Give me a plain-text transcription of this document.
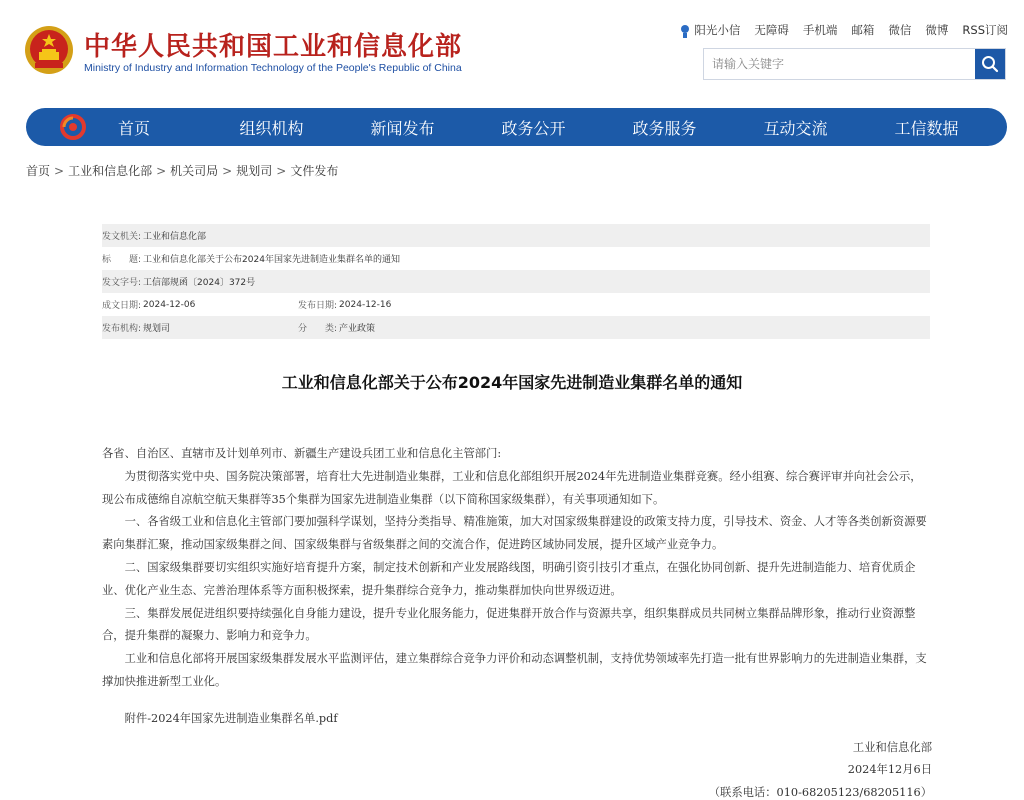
中华人民共和国工业和信息化部
Ministry of Industry and Information Technology of the People's Republic of China
阳光小信 无障碍 手机端 邮箱 微信 微博 RSS订阅
请输入关键字
首页	组织机构	新闻发布	政务公开	政务服务	互动交流	工信数据
首页 > 工业和信息化部 > 机关司局 > 规划司 > 文件发布
发文机关: 工业和信息化部
标　　题: 工业和信息化部关于公布2024年国家先进制造业集群名单的通知
发文字号: 工信部规函〔2024〕372号
成文日期: 2024-12-06	发布日期: 2024-12-16
发布机构: 规划司	分　　类: 产业政策
工业和信息化部关于公布2024年国家先进制造业集群名单的通知

各省、自治区、直辖市及计划单列市、新疆生产建设兵团工业和信息化主管部门:

为贯彻落实党中央、国务院决策部署，培育壮大先进制造业集群，工业和信息化部组织开展2024年先进制造业集群竞赛。经小组赛、综合赛评审并向社会公示，现公布成德绵自凉航空航天集群等35个集群为国家先进制造业集群（以下简称国家级集群），有关事项通知如下。

一、各省级工业和信息化主管部门要加强科学谋划，坚持分类指导、精准施策，加大对国家级集群建设的政策支持力度，引导技术、资金、人才等各类创新资源要素向集群汇聚，推动国家级集群之间、国家级集群与省级集群之间的交流合作，促进跨区域协同发展，提升区域产业竞争力。

二、国家级集群要切实组织实施好培育提升方案，制定技术创新和产业发展路线图，明确引资引技引才重点，在强化协同创新、提升先进制造能力、培育优质企业、优化产业生态、完善治理体系等方面积极探索，提升集群综合竞争力，推动集群加快向世界级迈进。

三、集群发展促进组织要持续强化自身能力建设，提升专业化服务能力，促进集群开放合作与资源共享，组织集群成员共同树立集群品牌形象，推动行业资源整合，提升集群的凝聚力、影响力和竞争力。

工业和信息化部将开展国家级集群发展水平监测评估，建立集群综合竞争力评价和动态调整机制，支持优势领域率先打造一批有世界影响力的先进制造业集群，支撑加快推进新型工业化。

附件-2024年国家先进制造业集群名单.pdf

工业和信息化部

2024年12月6日

（联系电话：010-68205123/68205116）
